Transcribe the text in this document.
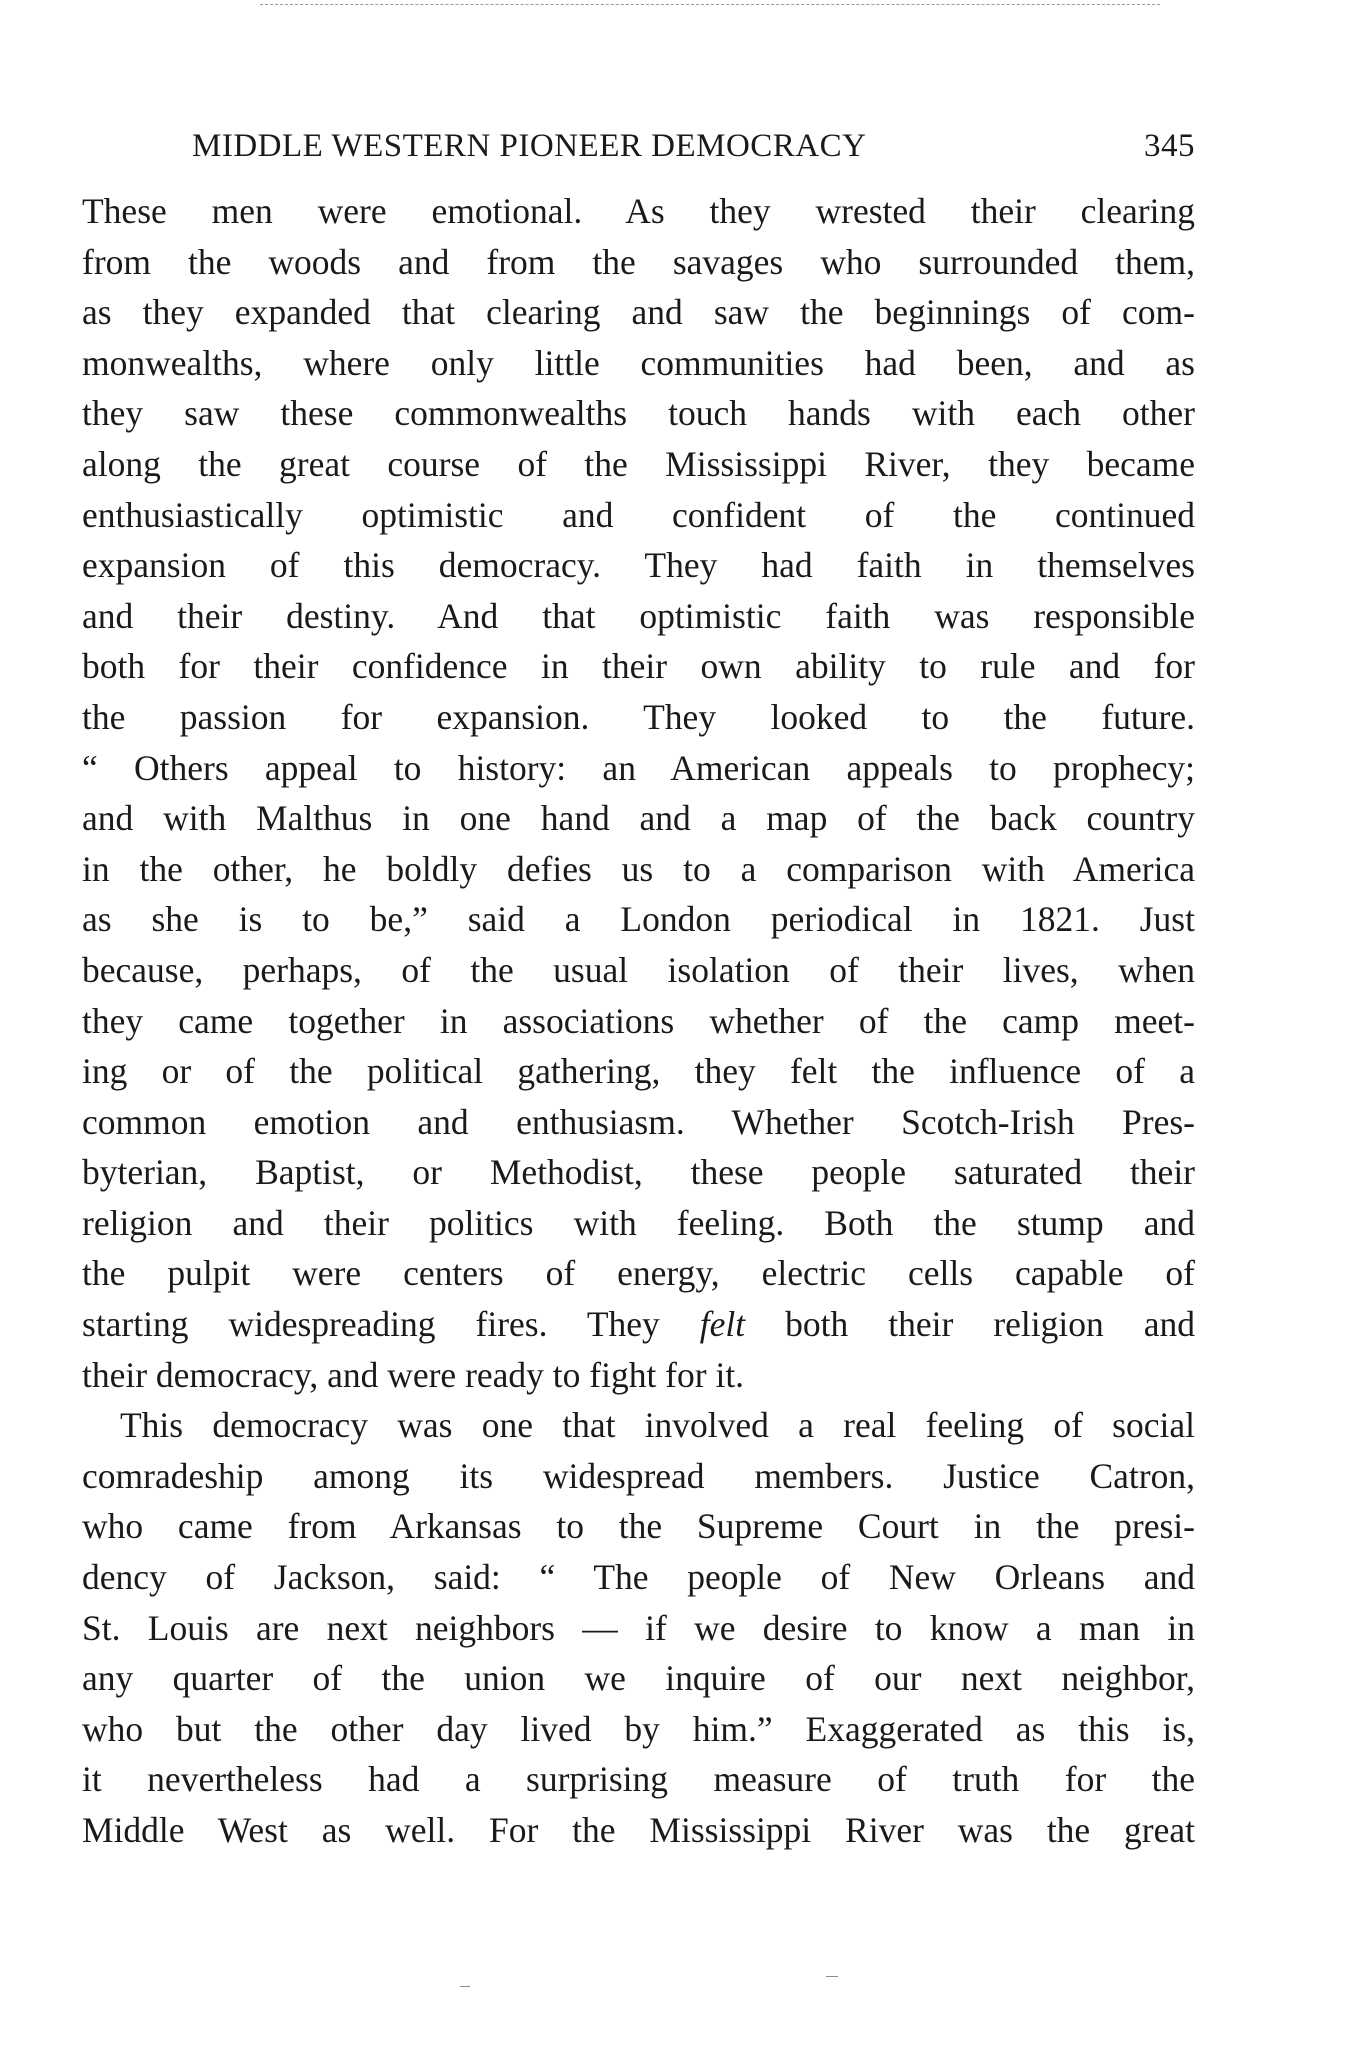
MIDDLE WESTERN PIONEER DEMOCRACY	345
These men were emotional. As they wrested their clearing
from the woods and from the savages who surrounded them,
as they expanded that clearing and saw the beginnings of com-
monwealths, where only little communities had been, and as
they saw these commonwealths touch hands with each other
along the great course of the Mississippi River, they became
enthusiastically optimistic and confident of the continued
expansion of this democracy. They had faith in themselves
and their destiny. And that optimistic faith was responsible
both for their confidence in their own ability to rule and for
the passion for expansion. They looked to the future.
“ Others appeal to history: an American appeals to prophecy;
and with Malthus in one hand and a map of the back country
in the other, he boldly defies us to a comparison with America
as she is to be,” said a London periodical in 1821. Just
because, perhaps, of the usual isolation of their lives, when
they came together in associations whether of the camp meet-
ing or of the political gathering, they felt the influence of a
common emotion and enthusiasm. Whether Scotch-Irish Pres-
byterian, Baptist, or Methodist, these people saturated their
religion and their politics with feeling. Both the stump and
the pulpit were centers of energy, electric cells capable of
starting widespreading fires. They felt both their religion and
their democracy, and were ready to fight for it.
This democracy was one that involved a real feeling of social
comradeship among its widespread members. Justice Catron,
who came from Arkansas to the Supreme Court in the presi-
dency of Jackson, said: “ The people of New Orleans and
St. Louis are next neighbors — if we desire to know a man in
any quarter of the union we inquire of our next neighbor,
who but the other day lived by him.” Exaggerated as this is,
it nevertheless had a surprising measure of truth for the
Middle West as well. For the Mississippi River was the great
